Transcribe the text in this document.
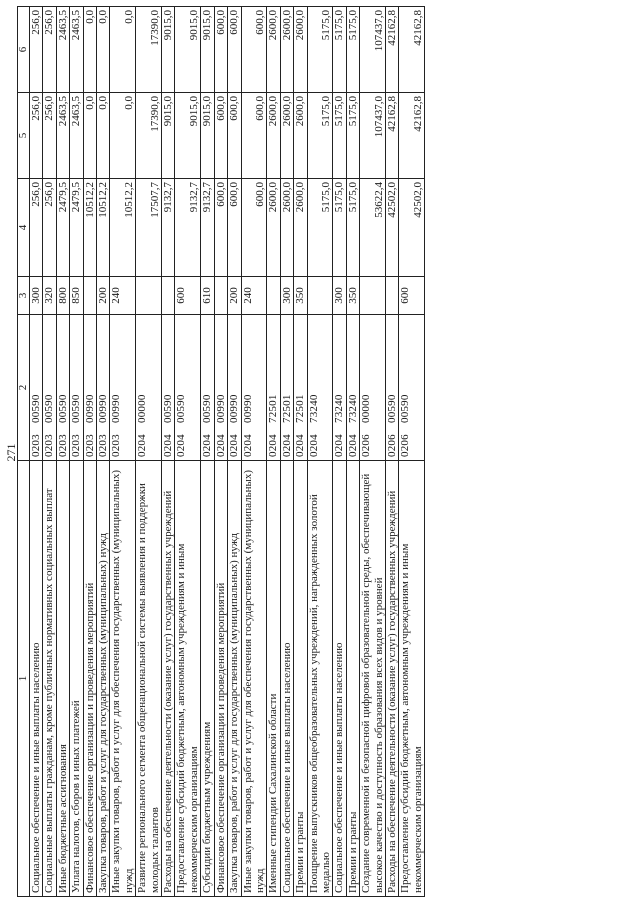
271
1	2	3	4	5	6
Социальное обеспечение и иные выплаты населению	0203 00590	300	256,0	256,0	256,0
Социальные выплаты гражданам, кроме публичных нормативных социальных выплат	0203 00590	320	256,0	256,0	256,0
Иные бюджетные ассигнования	0203 00590	800	2479,5	2463,5	2463,5
Уплата налогов, сборов и иных платежей	0203 00590	850	2479,5	2463,5	2463,5
Финансовое обеспечение организации и проведения мероприятий	0203 00990		10512,2	0,0	0,0
Закупка товаров, работ и услуг для государственных (муниципальных) нужд	0203 00990	200	10512,2	0,0	0,0
Иные закупки товаров, работ и услуг для обеспечения государственных (муниципальных) нужд	0203 00990	240	10512,2	0,0	0,0
Развитие регионального сегмента общенациональной системы выявления и поддержки молодых талантов	0204 00000		17507,7	17390,0	17390,0
Расходы на обеспечение деятельности (оказание услуг) государственных учреждений	0204 00590		9132,7	9015,0	9015,0
Предоставление субсидий бюджетным, автономным учреждениям и иным некоммерческим организациям	0204 00590	600	9132,7	9015,0	9015,0
Субсидии бюджетным учреждениям	0204 00590	610	9132,7	9015,0	9015,0
Финансовое обеспечение организации и проведения мероприятий	0204 00990		600,0	600,0	600,0
Закупка товаров, работ и услуг для государственных (муниципальных) нужд	0204 00990	200	600,0	600,0	600,0
Иные закупки товаров, работ и услуг для обеспечения государственных (муниципальных) нужд	0204 00990	240	600,0	600,0	600,0
Именные стипендии Сахалинской области	0204 72501		2600,0	2600,0	2600,0
Социальное обеспечение и иные выплаты населению	0204 72501	300	2600,0	2600,0	2600,0
Премии и гранты	0204 72501	350	2600,0	2600,0	2600,0
Поощрение выпускников общеобразовательных учреждений, награжденных золотой медалью	0204 73240		5175,0	5175,0	5175,0
Социальное обеспечение и иные выплаты населению	0204 73240	300	5175,0	5175,0	5175,0
Премии и гранты	0204 73240	350	5175,0	5175,0	5175,0
Создание современной и безопасной цифровой образовательной среды, обеспечивающей высокое качество и доступность образования всех видов и уровней	0206 00000		53622,4	107437,0	107437,0
Расходы на обеспечение деятельности (оказание услуг) государственных учреждений	0206 00590		42502,0	42162,8	42162,8
Предоставление субсидий бюджетным, автономным учреждениям и иным некоммерческим организациям	0206 00590	600	42502,0	42162,8	42162,8
